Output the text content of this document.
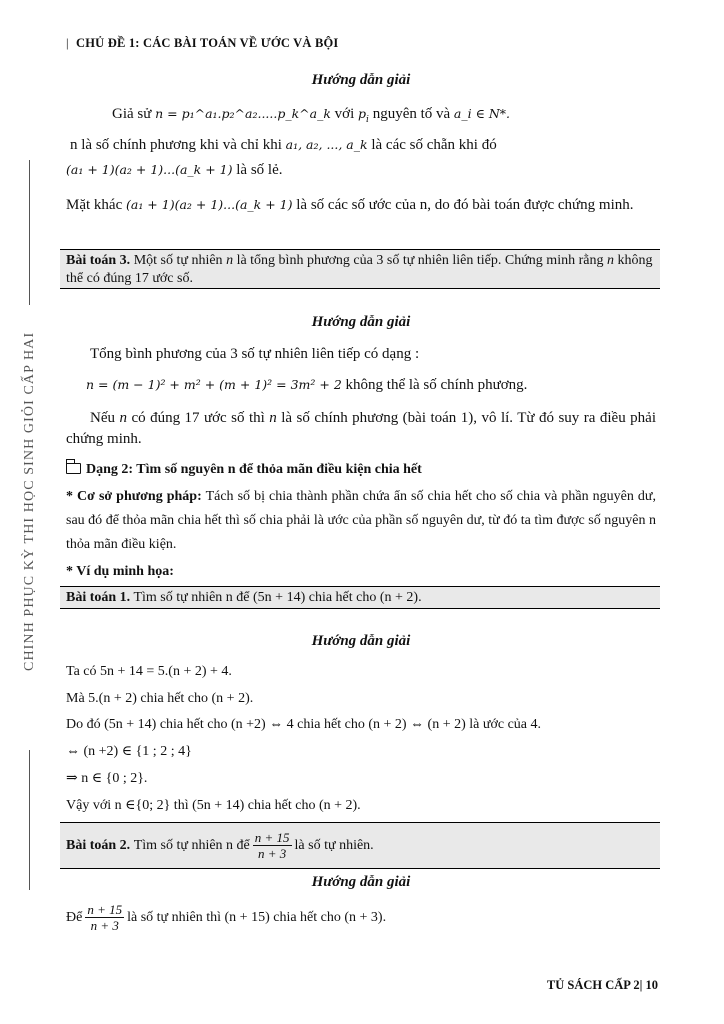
| CHỦ ĐỀ 1: CÁC BÀI TOÁN VỀ ƯỚC VÀ BỘI
CHINH PHỤC KỲ THI HỌC SINH GIỎI CẤP HAI
Hướng dẫn giải
Giả sử n = p₁^a₁.p₂^a₂.....p_k^a_k với $p_i$ nguyên tố và a_i ∈ N*.
n là số chính phương khi và chỉ khi a₁, a₂, ..., a_k là các số chẵn khi đó
(a₁ + 1)(a₂ + 1)...(a_k + 1) là số lẻ.
Mặt khác (a₁ + 1)(a₂ + 1)...(a_k + 1) là số các số ước của n, do đó bài toán được chứng minh.
Bài toán 3. Một số tự nhiên n là tổng bình phương của 3 số tự nhiên liên tiếp. Chứng minh rằng n không thể có đúng 17 ước số.
Hướng dẫn giải
Tổng bình phương của 3 số tự nhiên liên tiếp có dạng :
n = (m − 1)² + m² + (m + 1)² = 3m² + 2 không thể là số chính phương.
Nếu n có đúng 17 ước số thì n là số chính phương (bài toán 1), vô lí. Từ đó suy ra điều phải chứng minh.
Dạng 2: Tìm số nguyên n để thỏa mãn điều kiện chia hết
* Cơ sở phương pháp: Tách số bị chia thành phần chứa ẩn số chia hết cho số chia và phần nguyên dư, sau đó để thỏa mãn chia hết thì số chia phải là ước của phần số nguyên dư, từ đó ta tìm được số nguyên n thỏa mãn điều kiện.
* Ví dụ minh họa:
Bài toán 1. Tìm số tự nhiên n để (5n + 14) chia hết cho (n + 2).
Hướng dẫn giải
Ta có 5n + 14 = 5.(n + 2) + 4.
Mà 5.(n + 2) chia hết cho (n + 2).
Do đó (5n + 14) chia hết cho (n +2) ⇔ 4 chia hết cho (n + 2) ⇔ (n + 2) là ước của 4.
⇔ (n +2) ∈ {1 ; 2 ; 4}
⇒ n ∈ {0 ; 2}.
Vậy với n ∈{0; 2} thì (5n + 14) chia hết cho (n + 2).
Bài toán 2.
Tìm số tự nhiên n để $\frac{n + 15}{n + 3}$ là số tự nhiên.
Hướng dẫn giải
Để $\frac{n + 15}{n + 3}$ là số tự nhiên thì (n + 15) chia hết cho (n + 3).
TỦ SÁCH CẤP 2| 10
